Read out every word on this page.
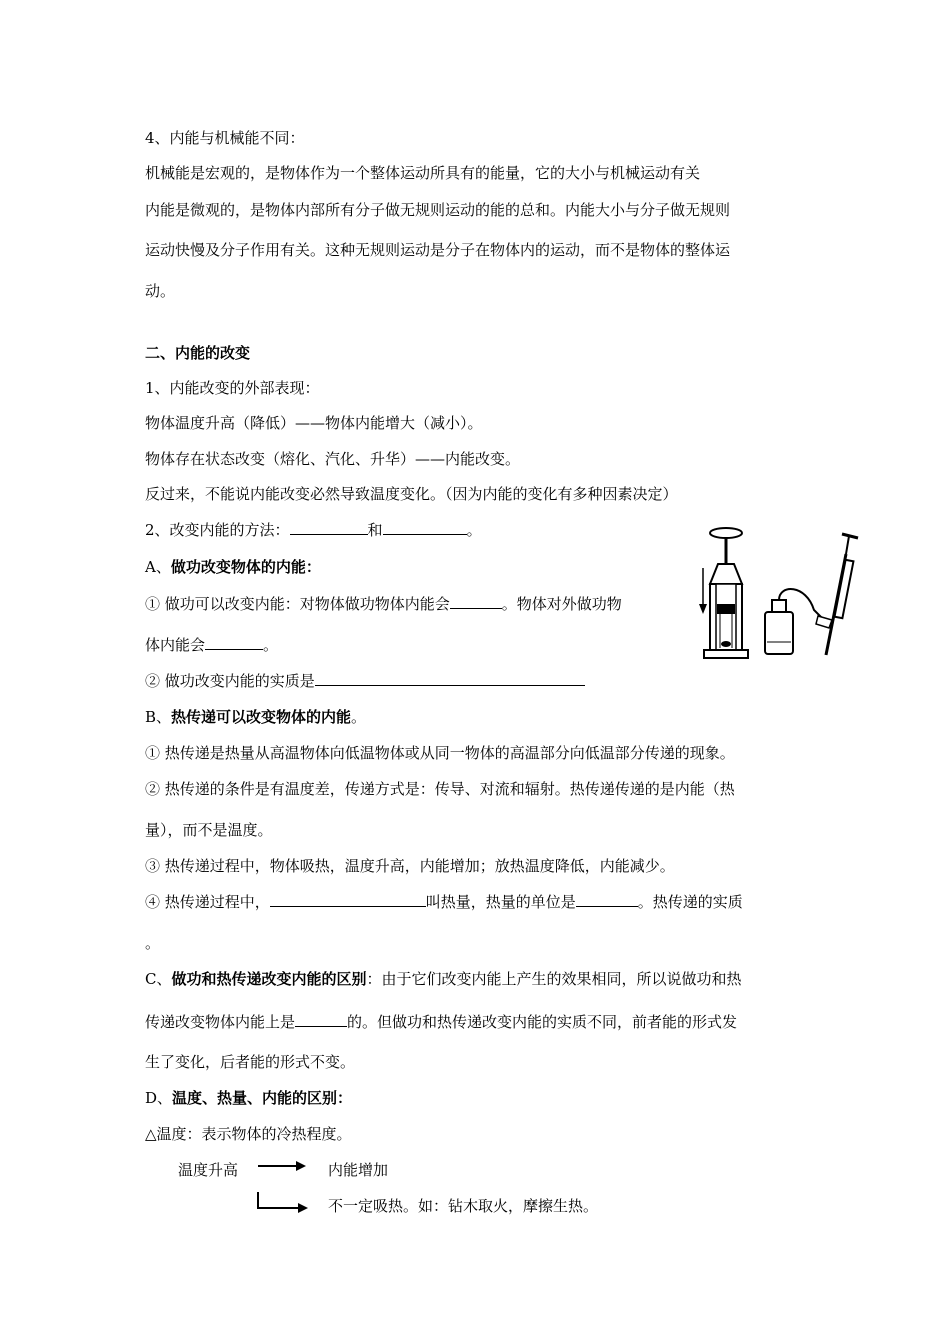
4、内能与机械能不同：
机械能是宏观的，是物体作为一个整体运动所具有的能量，它的大小与机械运动有关
内能是微观的，是物体内部所有分子做无规则运动的能的总和。内能大小与分子做无规则
运动快慢及分子作用有关。这种无规则运动是分子在物体内的运动，而不是物体的整体运
动。
二、内能的改变
1、内能改变的外部表现：
物体温度升高（降低）——物体内能增大（减小）。
物体存在状态改变（熔化、汽化、升华）——内能改变。
反过来，不能说内能改变必然导致温度变化。（因为内能的变化有多种因素决定）
2、改变内能的方法：	和	。
A、做功改变物体的内能：
① 做功可以改变内能：对物体做功物体内能会	。物体对外做功物
体内能会	。
② 做功改变内能的实质是
B、热传递可以改变物体的内能。
① 热传递是热量从高温物体向低温物体或从同一物体的高温部分向低温部分传递的现象。
② 热传递的条件是有温度差，传递方式是：传导、对流和辐射。热传递传递的是内能（热
量），而不是温度。
③ 热传递过程中，物体吸热，温度升高，内能增加；放热温度降低，内能减少。
④ 热传递过程中，	叫热量，热量的单位是	。热传递的实质
。
C、做功和热传递改变内能的区别：由于它们改变内能上产生的效果相同，所以说做功和热
传递改变物体内能上是	的。但做功和热传递改变内能的实质不同，前者能的形式发
生了变化，后者能的形式不变。
D、温度、热量、内能的区别：
△温度：表示物体的冷热程度。
温度升高	内能增加
不一定吸热。如：钻木取火，摩擦生热。
